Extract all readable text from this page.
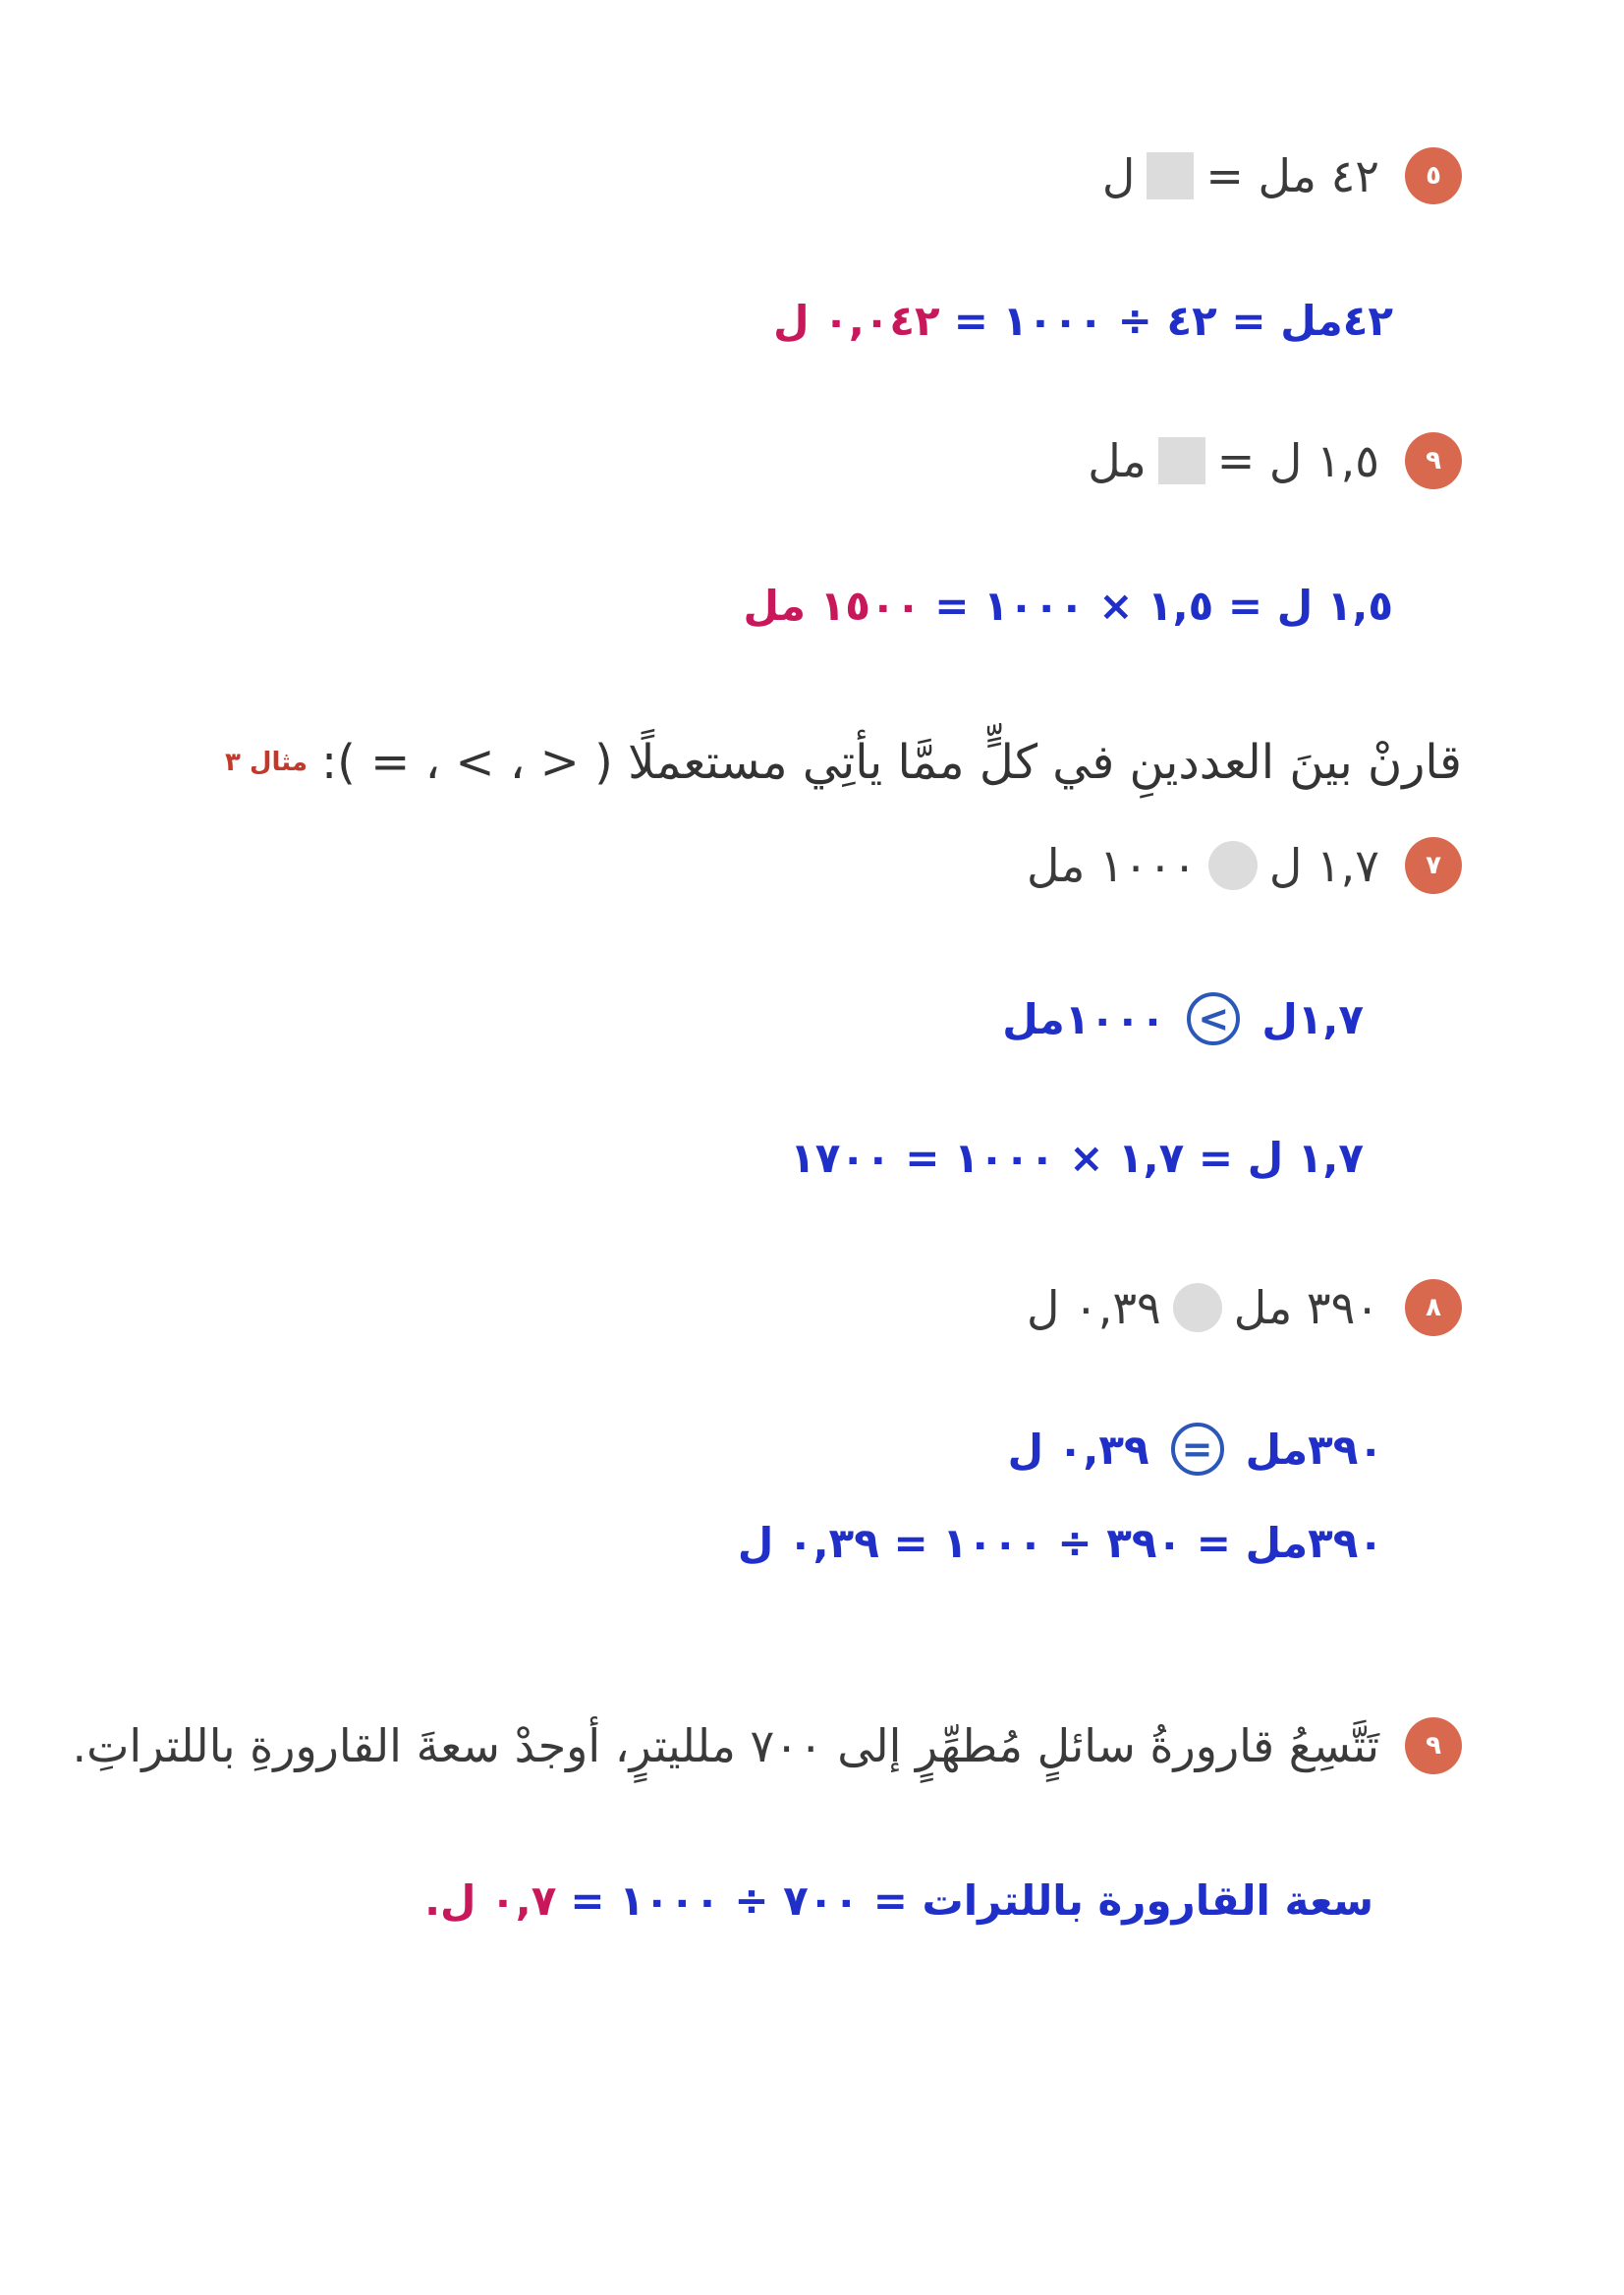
٥
٤٢ مل =
ل
٤٢مل = ٤٢ ÷ ١٠٠٠ =
٠,٠٤٢ ل
٩
١,٥ ل =
مل
١,٥ ل = ١,٥ × ١٠٠٠ =
١٥٠٠ مل
قارنْ بينَ العددينِ في كلٍّ ممَّا يأتِي مستعملًا ( < ، > ، = ):
مثال ٣
٧
١,٧ ل
١٠٠٠ مل
١,٧ل
<
١٠٠٠مل
١,٧ ل = ١,٧ × ١٠٠٠ = ١٧٠٠
٨
٣٩٠ مل
٠,٣٩ ل
٣٩٠مل
=
٠,٣٩ ل
٣٩٠مل = ٣٩٠ ÷ ١٠٠٠ = ٠,٣٩ ل
٩
تَتَّسِعُ قارورةُ سائلٍ مُطهِّرٍ إلى ٧٠٠ ملليترٍ، أوجدْ سعةَ القارورةِ باللتراتِ.
سعة القارورة باللترات = ٧٠٠ ÷ ١٠٠٠ =
٠,٧ ل.
